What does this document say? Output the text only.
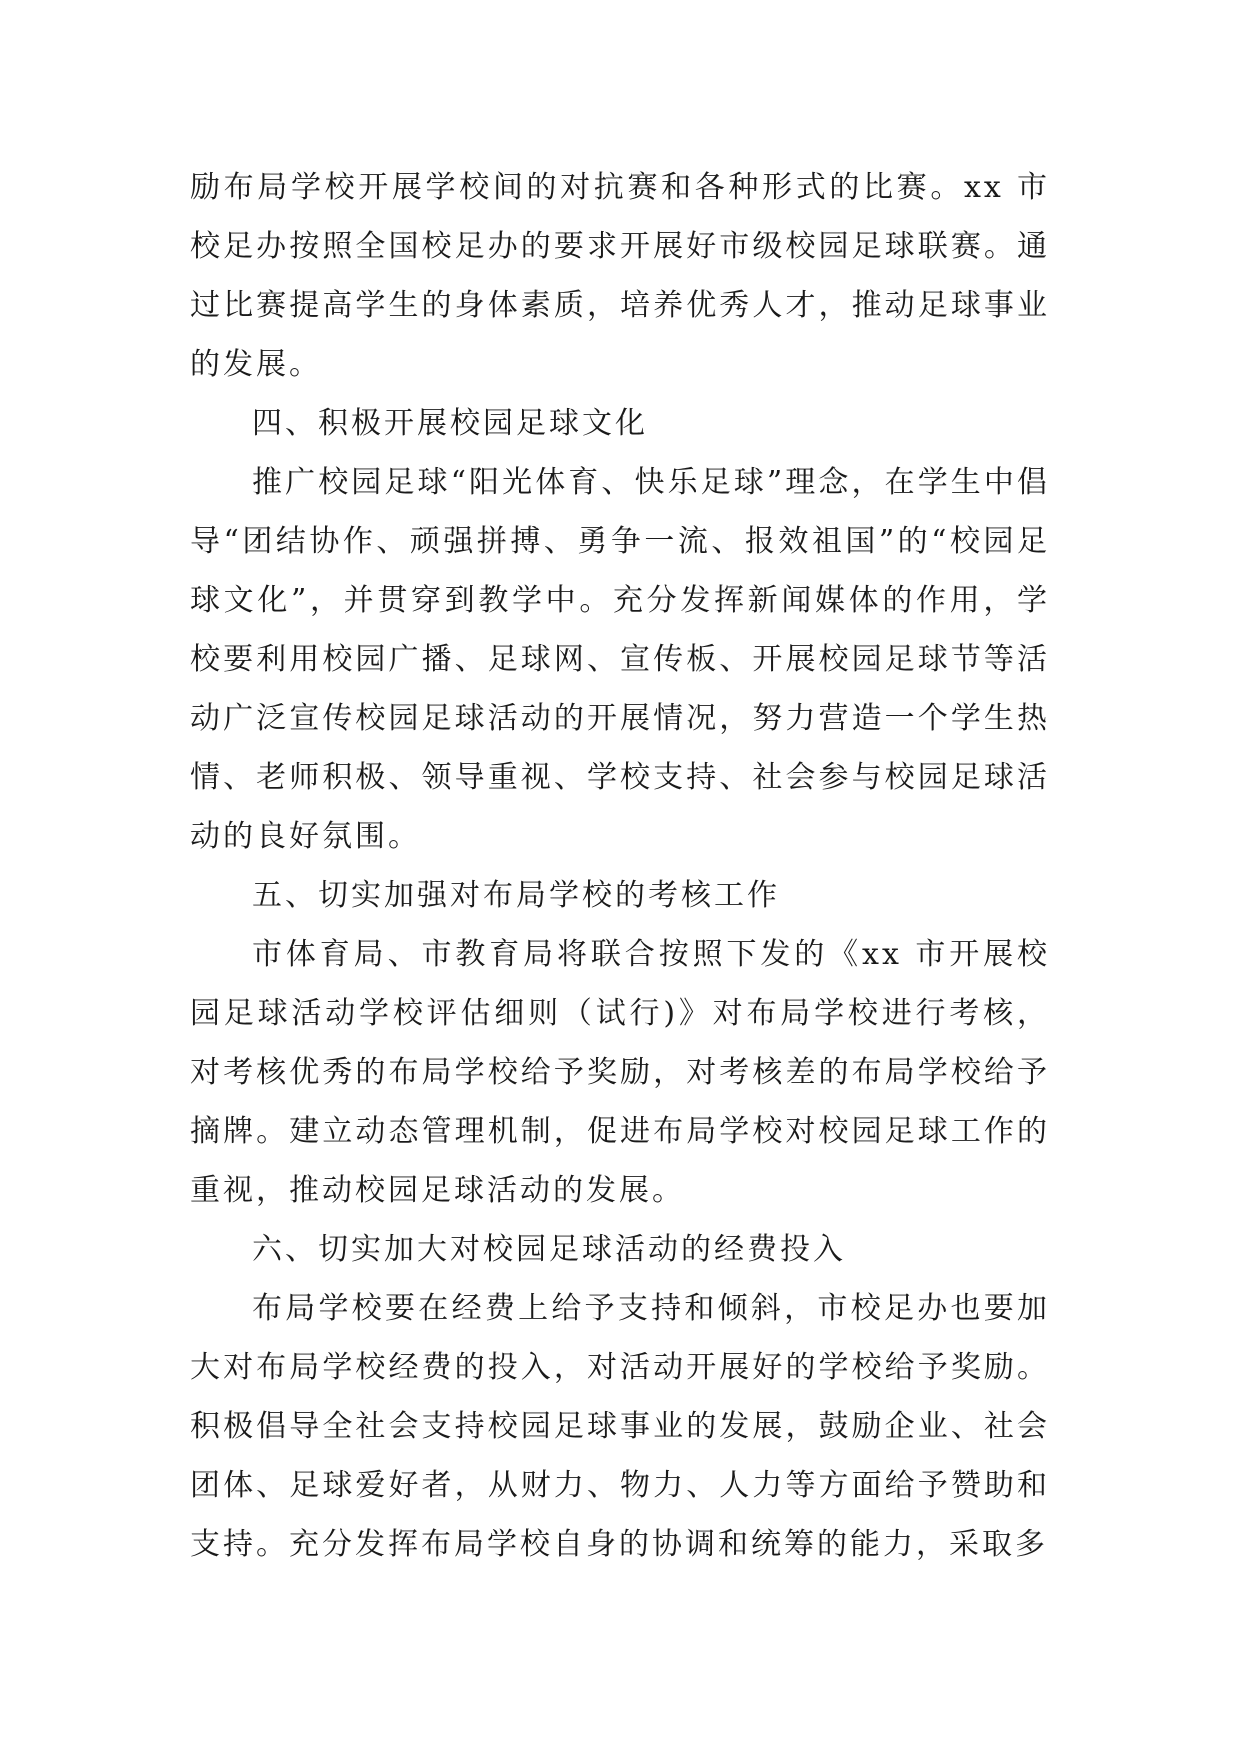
励布局学校开展学校间的对抗赛和各种形式的比赛。xx 市校足办按照全国校足办的要求开展好市级校园足球联赛。通过比赛提高学生的身体素质，培养优秀人才，推动足球事业的发展。

四、积极开展校园足球文化

推广校园足球“阳光体育、快乐足球”理念，在学生中倡导“团结协作、顽强拼搏、勇争一流、报效祖国”的“校园足球文化”，并贯穿到教学中。充分发挥新闻媒体的作用，学校要利用校园广播、足球网、宣传板、开展校园足球节等活动广泛宣传校园足球活动的开展情况，努力营造一个学生热情、老师积极、领导重视、学校支持、社会参与校园足球活动的良好氛围。

五、切实加强对布局学校的考核工作

市体育局、市教育局将联合按照下发的《xx 市开展校园足球活动学校评估细则（试行)》对布局学校进行考核，对考核优秀的布局学校给予奖励，对考核差的布局学校给予摘牌。建立动态管理机制，促进布局学校对校园足球工作的重视，推动校园足球活动的发展。

六、切实加大对校园足球活动的经费投入

布局学校要在经费上给予支持和倾斜，市校足办也要加大对布局学校经费的投入，对活动开展好的学校给予奖励。积极倡导全社会支持校园足球事业的发展，鼓励企业、社会团体、足球爱好者，从财力、物力、人力等方面给予赞助和支持。充分发挥布局学校自身的协调和统筹的能力，采取多
